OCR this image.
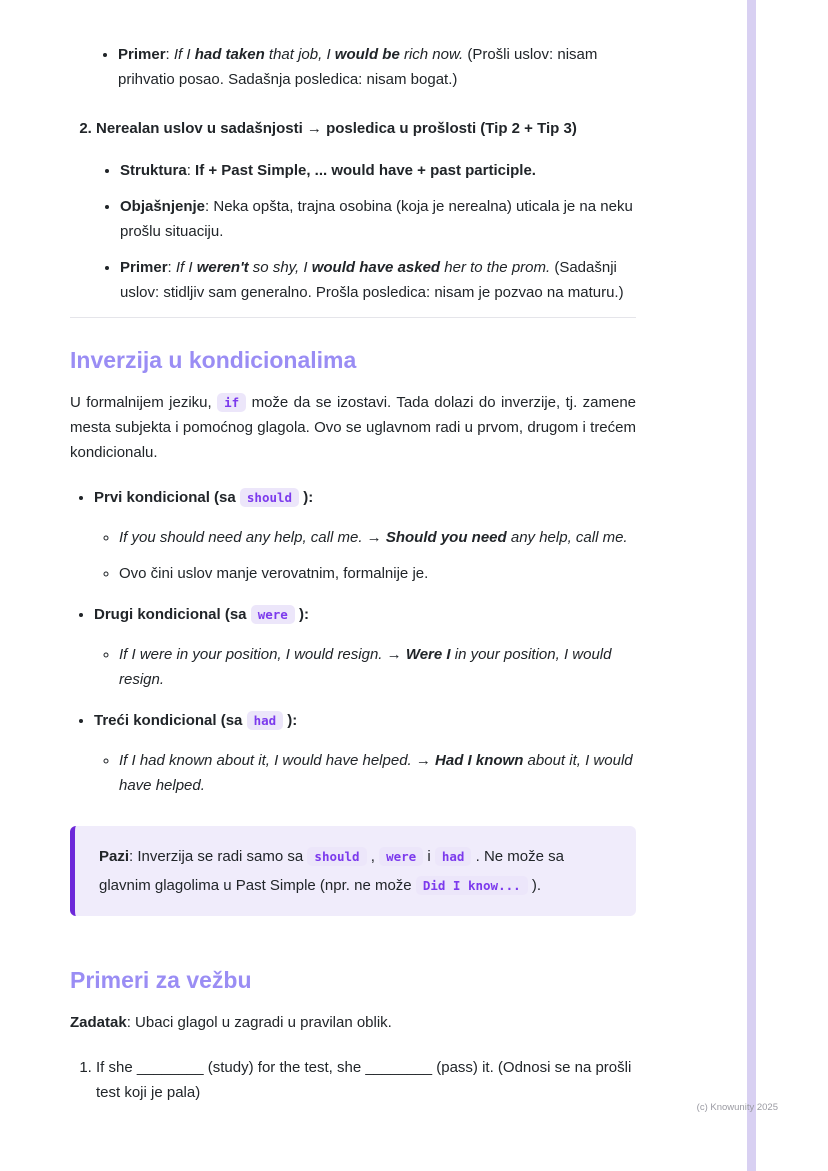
• Primer: If I had taken that job, I would be rich now. (Prošli uslov: nisam prihvatio posao. Sadašnja posledica: nisam bogat.)
2. Nerealan uslov u sadašnjosti → posledica u prošlosti (Tip 2 + Tip 3)
• Struktura: If + Past Simple, ... would have + past participle.
• Objašnjenje: Neka opšta, trajna osobina (koja je nerealna) uticala je na neku prošlu situaciju.
• Primer: If I weren't so shy, I would have asked her to the prom. (Sadašnji uslov: stidljiv sam generalno. Prošla posledica: nisam je pozvao na maturu.)
Inverzija u kondicionalima

U formalnijem jeziku, if može da se izostavi. Tada dolazi do inverzije, tj. zamene mesta subjekta i pomoćnog glagola. Ovo se uglavnom radi u prvom, drugom i trećem kondicionalu.

• Prvi kondicional (sa should ):
◦ If you should need any help, call me. → Should you need any help, call me.
◦ Ovo čini uslov manje verovatnim, formalnije je.
• Drugi kondicional (sa were ):
◦ If I were in your position, I would resign. → Were I in your position, I would resign.
• Treći kondicional (sa had ):
◦ If I had known about it, I would have helped. → Had I known about it, I would have helped.

Pazi: Inverzija se radi samo sa should , were i had . Ne može sa glavnim glagolima u Past Simple (npr. ne može Did I know... ).

Primeri za vežbu

Zadatak: Ubaci glagol u zagradi u pravilan oblik.

1. If she ________ (study) for the test, she ________ (pass) it. (Odnosi se na prošli test koji je pala)
(c) Knowunity 2025
